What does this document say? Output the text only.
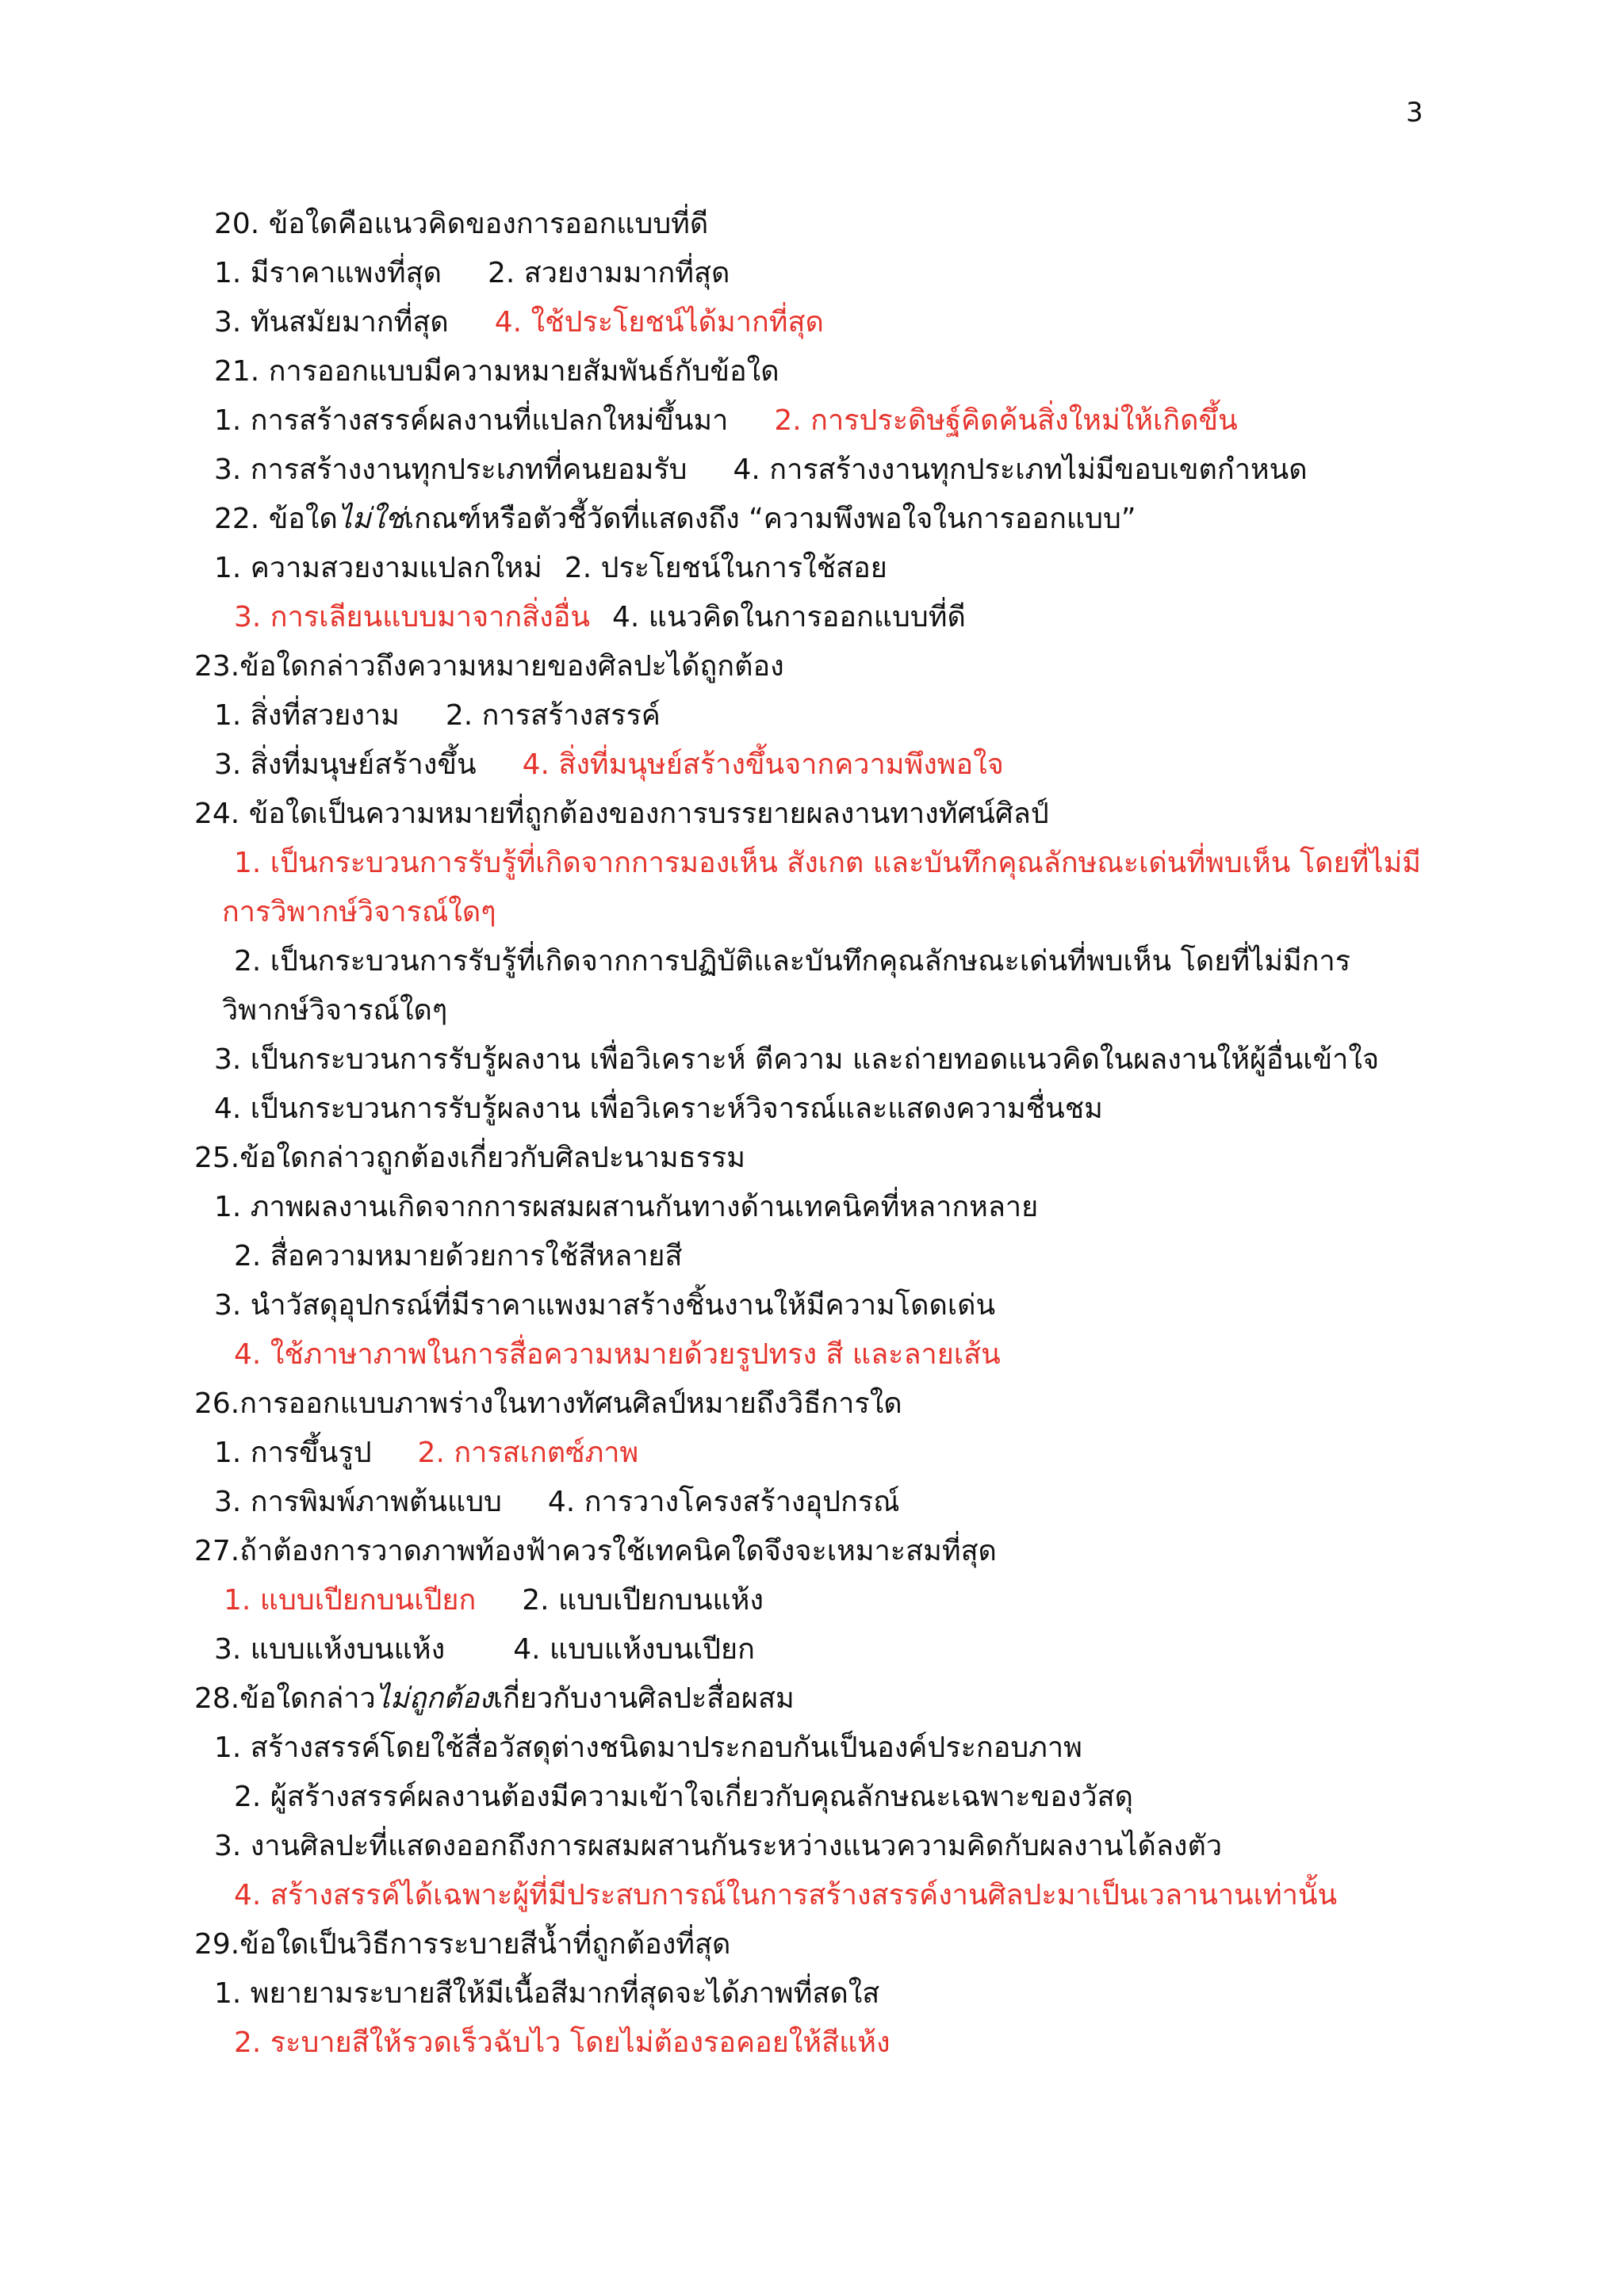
3
20. ข้อใดคือแนวคิดของการออกแบบที่ดี
1. มีราคาแพงที่สุด 2. สวยงามมากที่สุด
3. ทันสมัยมากที่สุด 4. ใช้ประโยชน์ได้มากที่สุด
21. การออกแบบมีความหมายสัมพันธ์กับข้อใด
1. การสร้างสรรค์ผลงานที่แปลกใหม่ขึ้นมา 2. การประดิษฐ์คิดค้นสิ่งใหม่ให้เกิดขึ้น
3. การสร้างงานทุกประเภทที่คนยอมรับ 4. การสร้างงานทุกประเภทไม่มีขอบเขตกำหนด
22. ข้อใดไม่ใช่เกณฑ์หรือตัวชี้วัดที่แสดงถึง “ความพึงพอใจในการออกแบบ”
1. ความสวยงามแปลกใหม่ 2. ประโยชน์ในการใช้สอย
3. การเลียนแบบมาจากสิ่งอื่น 4. แนวคิดในการออกแบบที่ดี
23.ข้อใดกล่าวถึงความหมายของศิลปะได้ถูกต้อง
1. สิ่งที่สวยงาม 2. การสร้างสรรค์
3. สิ่งที่มนุษย์สร้างขึ้น 4. สิ่งที่มนุษย์สร้างขึ้นจากความพึงพอใจ
24. ข้อใดเป็นความหมายที่ถูกต้องของการบรรยายผลงานทางทัศน์ศิลป์
1. เป็นกระบวนการรับรู้ที่เกิดจากการมองเห็น สังเกต และบันทึกคุณลักษณะเด่นที่พบเห็น โดยที่ไม่มี
การวิพากษ์วิจารณ์ใดๆ
2. เป็นกระบวนการรับรู้ที่เกิดจากการปฏิบัติและบันทึกคุณลักษณะเด่นที่พบเห็น โดยที่ไม่มีการ
วิพากษ์วิจารณ์ใดๆ
3. เป็นกระบวนการรับรู้ผลงาน เพื่อวิเคราะห์ ตีความ และถ่ายทอดแนวคิดในผลงานให้ผู้อื่นเข้าใจ
4. เป็นกระบวนการรับรู้ผลงาน เพื่อวิเคราะห์วิจารณ์และแสดงความชื่นชม
25.ข้อใดกล่าวถูกต้องเกี่ยวกับศิลปะนามธรรม
1. ภาพผลงานเกิดจากการผสมผสานกันทางด้านเทคนิคที่หลากหลาย
2. สื่อความหมายด้วยการใช้สีหลายสี
3. นำวัสดุอุปกรณ์ที่มีราคาแพงมาสร้างชิ้นงานให้มีความโดดเด่น
4. ใช้ภาษาภาพในการสื่อความหมายด้วยรูปทรง สี และลายเส้น
26.การออกแบบภาพร่างในทางทัศนศิลป์หมายถึงวิธีการใด
1. การขึ้นรูป 2. การสเกตซ์ภาพ
3. การพิมพ์ภาพต้นแบบ 4. การวางโครงสร้างอุปกรณ์
27.ถ้าต้องการวาดภาพท้องฟ้าควรใช้เทคนิคใดจึงจะเหมาะสมที่สุด
1. แบบเปียกบนเปียก 2. แบบเปียกบนแห้ง
3. แบบแห้งบนแห้ง 4. แบบแห้งบนเปียก
28.ข้อใดกล่าวไม่ถูกต้องเกี่ยวกับงานศิลปะสื่อผสม
1. สร้างสรรค์โดยใช้สื่อวัสดุต่างชนิดมาประกอบกันเป็นองค์ประกอบภาพ
2. ผู้สร้างสรรค์ผลงานต้องมีความเข้าใจเกี่ยวกับคุณลักษณะเฉพาะของวัสดุ
3. งานศิลปะที่แสดงออกถึงการผสมผสานกันระหว่างแนวความคิดกับผลงานได้ลงตัว
4. สร้างสรรค์ได้เฉพาะผู้ที่มีประสบการณ์ในการสร้างสรรค์งานศิลปะมาเป็นเวลานานเท่านั้น
29.ข้อใดเป็นวิธีการระบายสีน้ำที่ถูกต้องที่สุด
1. พยายามระบายสีให้มีเนื้อสีมากที่สุดจะได้ภาพที่สดใส
2. ระบายสีให้รวดเร็วฉับไว โดยไม่ต้องรอคอยให้สีแห้ง
